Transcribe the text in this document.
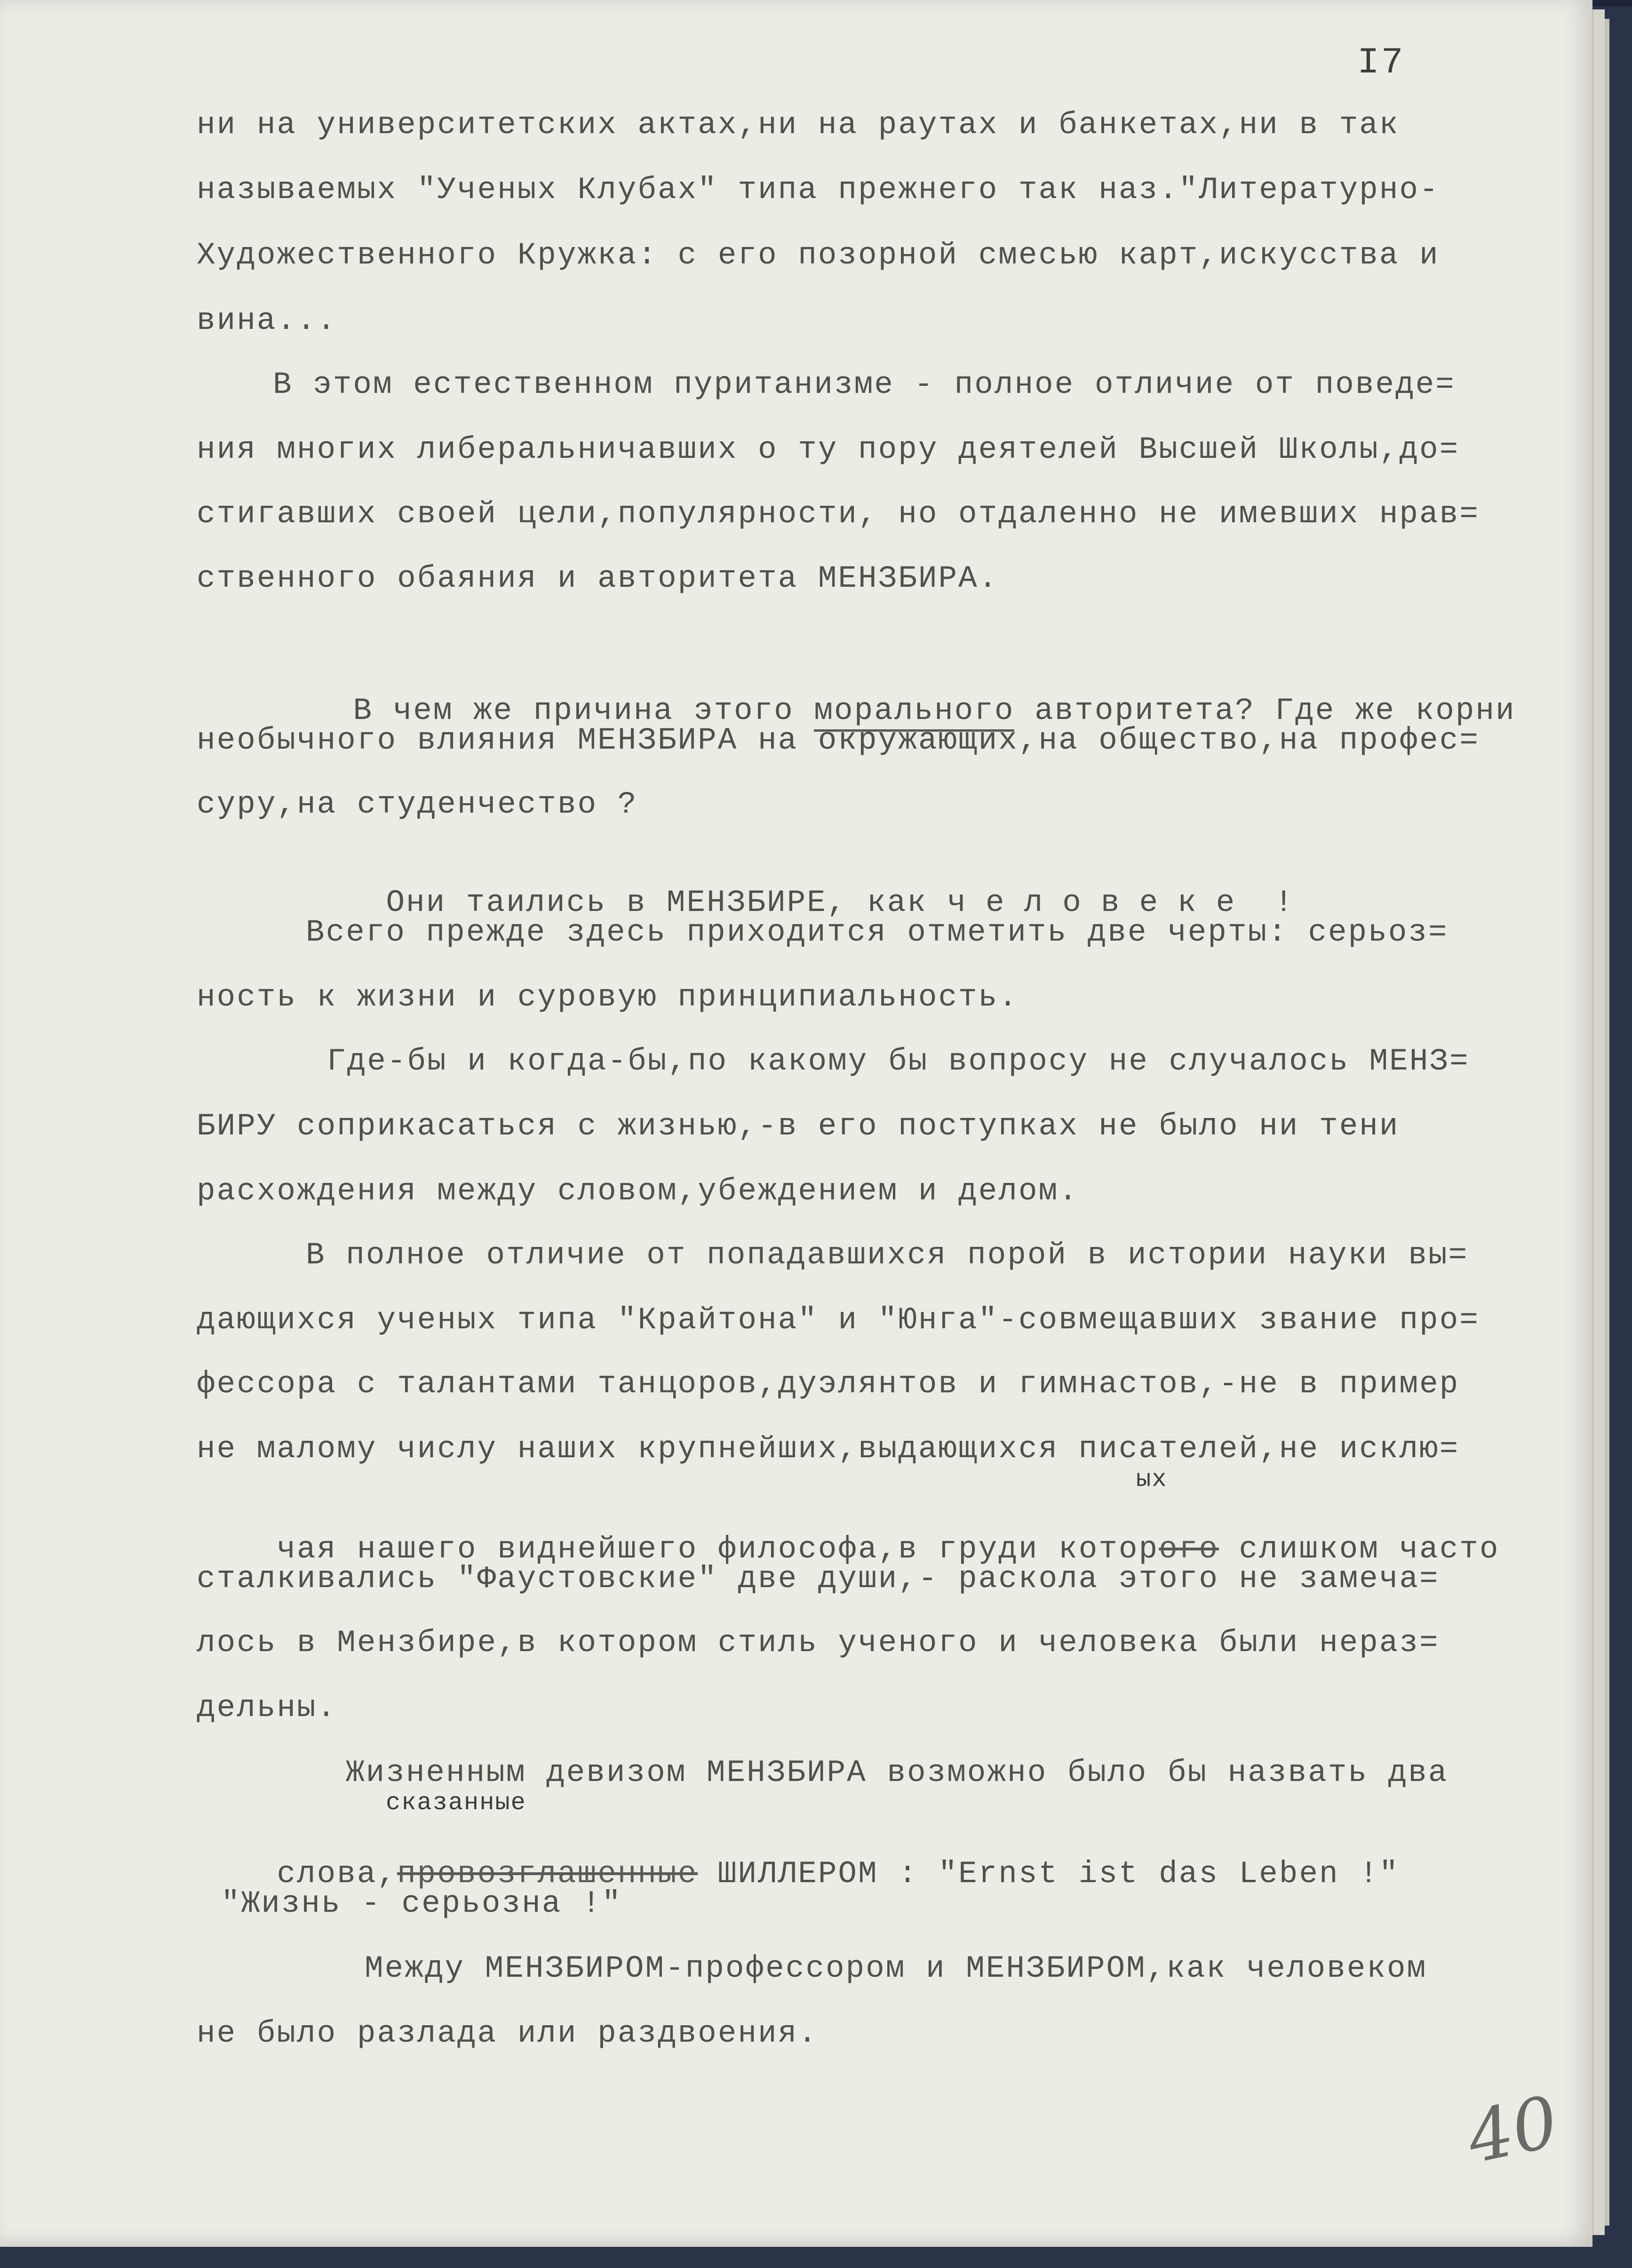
I7
ни на университетских актах,ни на раутах и банкетах,ни в так
называемых "Ученых Клубах" типа прежнего так наз."Литературно-
Художественного Кружка: с его позорной смесью карт,искусства и
вина...
В этом естественном пуританизме - полное отличие от поведе=
ния многих либеральничавших о ту пору деятелей Высшей Школы,до=
стигавших своей цели,популярности, но отдаленно не имевших нрав=
ственного обаяния и авторитета МЕНЗБИРА.

В чем же причина этого морального авторитета? Где же корни

необычного влияния МЕНЗБИРА на окружающих,на общество,на профес=
суру,на студенчество ?

Они таились в МЕНЗБИРЕ, как человеке !

Всего прежде здесь приходится отметить две черты: серьоз=
ность к жизни и суровую принципиальность.
Где-бы и когда-бы,по какому бы вопросу не случалось МЕНЗ=
БИРУ соприкасаться с жизнью,-в его поступках не было ни тени
расхождения между словом,убеждением и делом.
В полное отличие от попадавшихся порой в истории науки вы=
дающихся ученых типа "Крайтона" и "Юнга"-совмещавших звание про=
фессора с талантами танцоров,дуэлянтов и гимнастов,-не в пример
не малому числу наших крупнейших,выдающихся писателей,не исклю=
ых

чая нашего виднейшего философа,в груди которого слишком часто

сталкивались "Фаустовские" две души,- раскола этого не замеча=
лось в Мензбире,в котором стиль ученого и человека были нераз=
дельны.
Жизненным девизом МЕНЗБИРА возможно было бы назвать два
сказанные

слова,провозглашенные ШИЛЛЕРОМ : "Ernst ist das Leben !"

"Жизнь - серьозна !"
Между МЕНЗБИРОМ-профессором и МЕНЗБИРОМ,как человеком
не было разлада или раздвоения.
40
